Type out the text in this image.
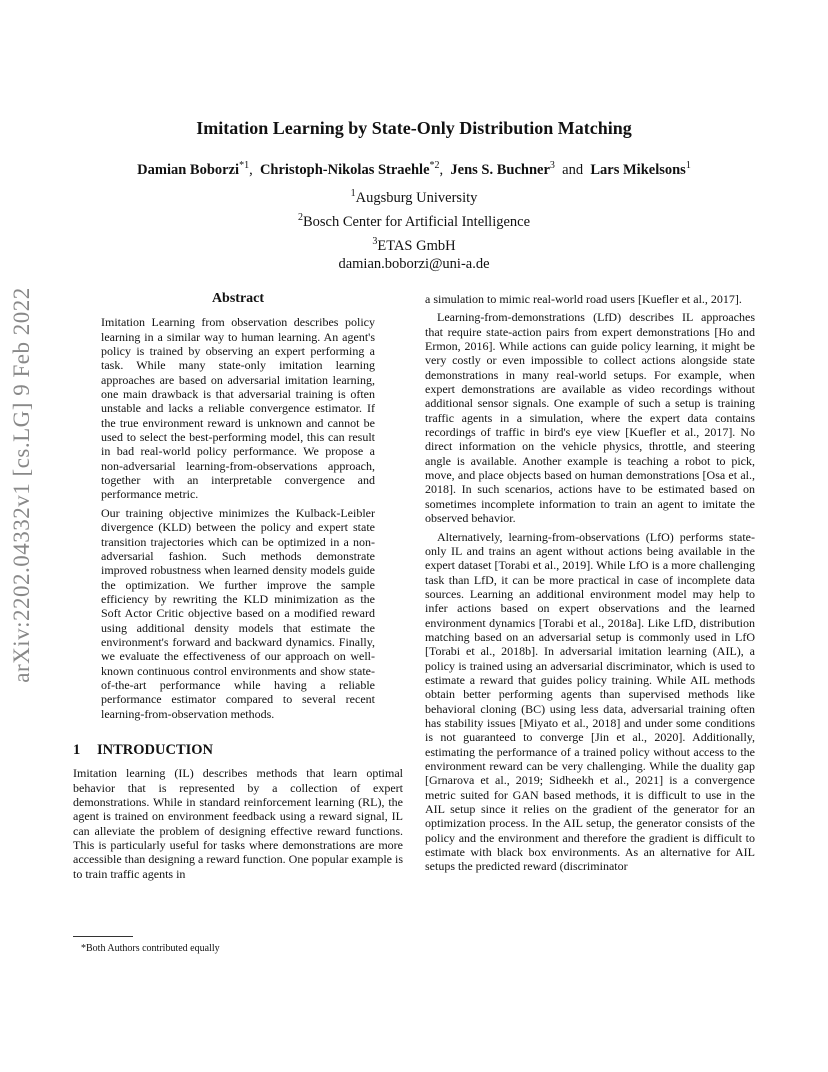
Imitation Learning by State-Only Distribution Matching
Damian Boborzi$^{*1}$, Christoph-Nikolas Straehle$^{*2}$, Jens S. Buchner$^3$ and Lars Mikelsons$^1$
$^1$Augsburg University
$^2$Bosch Center for Artificial Intelligence
$^3$ETAS GmbH
damian.boborzi@uni-a.de
arXiv:2202.04332v1 [cs.LG] 9 Feb 2022	Abstract

Imitation Learning from observation describes policy learning in a similar way to human learning. An agent's policy is trained by observing an expert performing a task. While many state-only imitation learning approaches are based on adversarial imitation learning, one main drawback is that adversarial training is often unstable and lacks a reliable convergence estimator. If the true environment reward is unknown and cannot be used to select the best-performing model, this can result in bad real-world policy performance. We propose a non-adversarial learning-from-observations approach, together with an interpretable convergence and performance metric.

Our training objective minimizes the Kulback-Leibler divergence (KLD) between the policy and expert state transition trajectories which can be optimized in a non-adversarial fashion. Such methods demonstrate improved robustness when learned density models guide the optimization. We further improve the sample efficiency by rewriting the KLD minimization as the Soft Actor Critic objective based on a modified reward using additional density models that estimate the environment's forward and backward dynamics. Finally, we evaluate the effectiveness of our approach on well-known continuous control environments and show state-of-the-art performance while having a reliable performance estimator compared to several recent learning-from-observation methods.

1 INTRODUCTION

Imitation learning (IL) describes methods that learn optimal behavior that is represented by a collection of expert demonstrations. While in standard reinforcement learning (RL), the agent is trained on environment feedback using a reward signal, IL can alleviate the problem of designing effective reward functions. This is particularly useful for tasks where demonstrations are more accessible than designing a reward function. One popular example is to train traffic agents in

*Both Authors contributed equally

a simulation to mimic real-world road users [Kuefler et al., 2017].

Learning-from-demonstrations (LfD) describes IL approaches that require state-action pairs from expert demonstrations [Ho and Ermon, 2016]. While actions can guide policy learning, it might be very costly or even impossible to collect actions alongside state demonstrations in many real-world setups. For example, when expert demonstrations are available as video recordings without additional sensor signals. One example of such a setup is training traffic agents in a simulation, where the expert data contains recordings of traffic in bird's eye view [Kuefler et al., 2017]. No direct information on the vehicle physics, throttle, and steering angle is available. Another example is teaching a robot to pick, move, and place objects based on human demonstrations [Osa et al., 2018]. In such scenarios, actions have to be estimated based on sometimes incomplete information to train an agent to imitate the observed behavior.

Alternatively, learning-from-observations (LfO) performs state-only IL and trains an agent without actions being available in the expert dataset [Torabi et al., 2019]. While LfO is a more challenging task than LfD, it can be more practical in case of incomplete data sources. Learning an additional environment model may help to infer actions based on expert observations and the learned environment dynamics [Torabi et al., 2018a]. Like LfD, distribution matching based on an adversarial setup is commonly used in LfO [Torabi et al., 2018b]. In adversarial imitation learning (AIL), a policy is trained using an adversarial discriminator, which is used to estimate a reward that guides policy training. While AIL methods obtain better performing agents than supervised methods like behavioral cloning (BC) using less data, adversarial training often has stability issues [Miyato et al., 2018] and under some conditions is not guaranteed to converge [Jin et al., 2020]. Additionally, estimating the performance of a trained policy without access to the environment reward can be very challenging. While the duality gap [Grnarova et al., 2019; Sidheekh et al., 2021] is a convergence metric suited for GAN based methods, it is difficult to use in the AIL setup since it relies on the gradient of the generator for an optimization process. In the AIL setup, the generator consists of the policy and the environment and therefore the gradient is difficult to estimate with black box environments. As an alternative for AIL setups the predicted reward (discriminator
